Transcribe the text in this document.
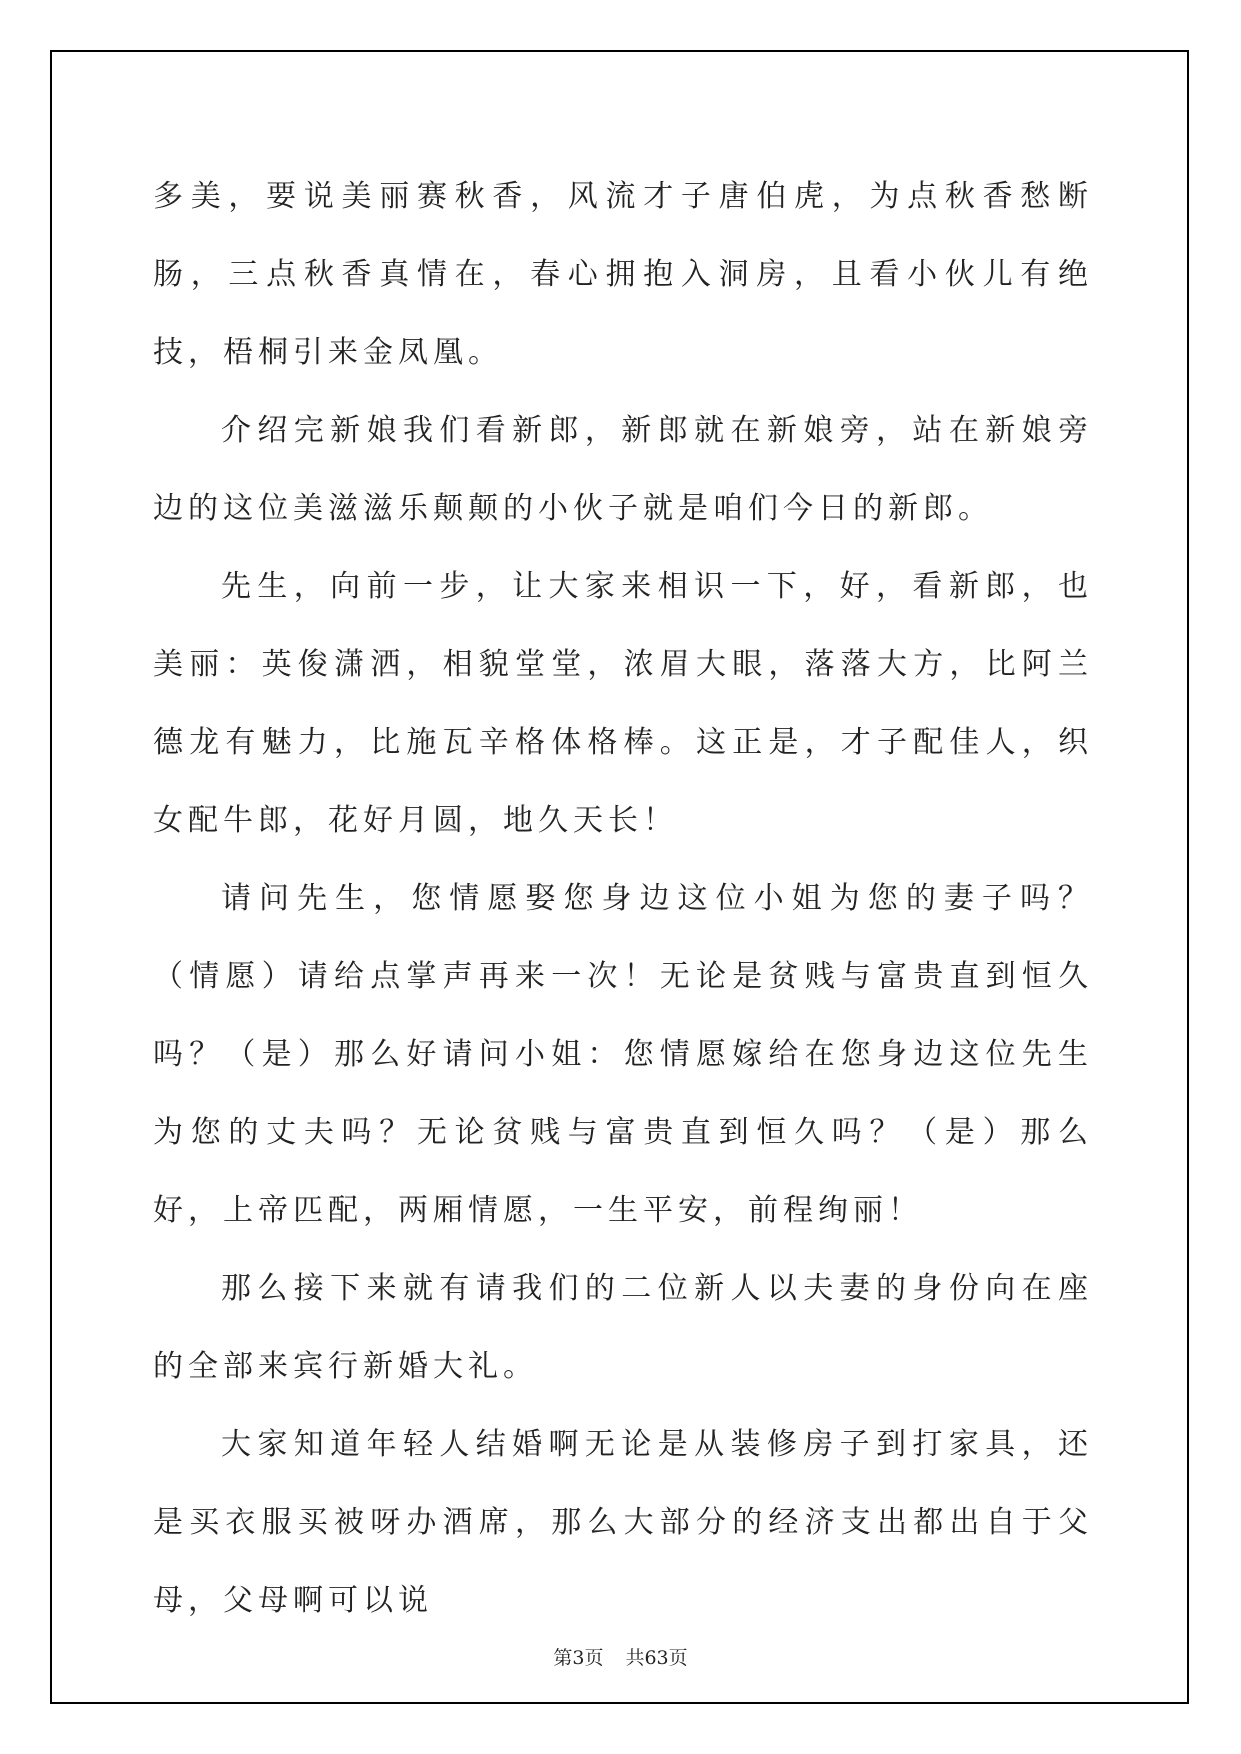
多美，要说美丽赛秋香，风流才子唐伯虎，为点秋香愁断肠，三点秋香真情在，春心拥抱入洞房，且看小伙儿有绝技，梧桐引来金凤凰。

介绍完新娘我们看新郎，新郎就在新娘旁，站在新娘旁边的这位美滋滋乐颠颠的小伙子就是咱们今日的新郎。

先生，向前一步，让大家来相识一下，好，看新郎，也美丽：英俊潇洒，相貌堂堂，浓眉大眼，落落大方，比阿兰德龙有魅力，比施瓦辛格体格棒。这正是，才子配佳人，织女配牛郎，花好月圆，地久天长！

请问先生，您情愿娶您身边这位小姐为您的妻子吗？（情愿）请给点掌声再来一次！无论是贫贱与富贵直到恒久吗？（是）那么好请问小姐：您情愿嫁给在您身边这位先生为您的丈夫吗？无论贫贱与富贵直到恒久吗？（是）那么好，上帝匹配，两厢情愿，一生平安，前程绚丽！

那么接下来就有请我们的二位新人以夫妻的身份向在座的全部来宾行新婚大礼。

大家知道年轻人结婚啊无论是从装修房子到打家具，还是买衣服买被呀办酒席，那么大部分的经济支出都出自于父母，父母啊可以说

第3页 共63页
